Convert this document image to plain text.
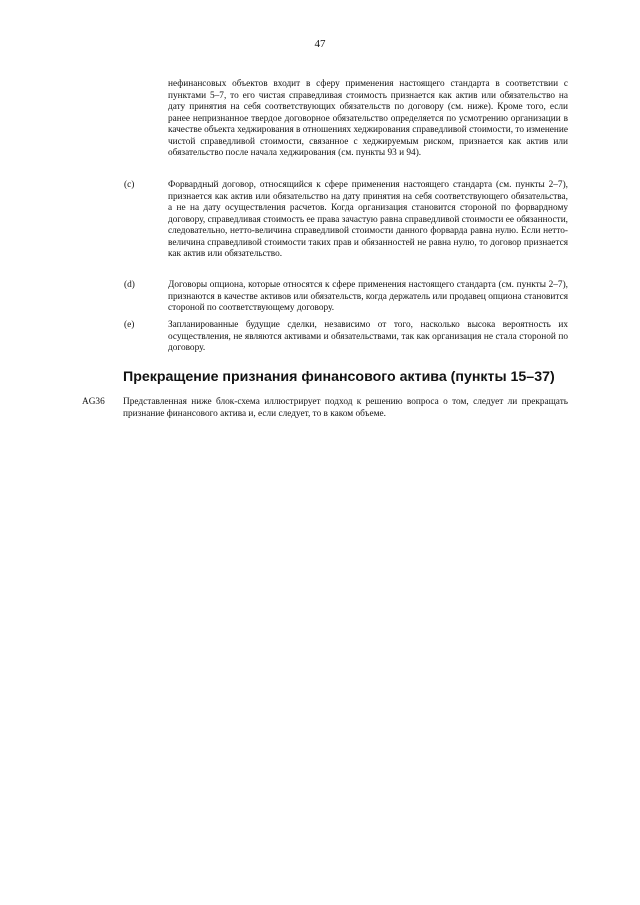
47

нефинансовых объектов входит в сферу применения настоящего стандарта в соответствии с пунктами 5–7, то его чистая справедливая стоимость признается как актив или обязательство на дату принятия на себя соответствующих обязательств по договору (см. ниже). Кроме того, если ранее непризнанное твердое договорное обязательство определяется по усмотрению организации в качестве объекта хеджирования в отношениях хеджирования справедливой стоимости, то изменение чистой справедливой стоимости, связанное с хеджируемым риском, признается как актив или обязательство после начала хеджирования (см. пункты 93 и 94).

(c)	Форвардный договор, относящийся к сфере применения настоящего стандарта (см. пункты 2–7), признается как актив или обязательство на дату принятия на себя соответствующего обязательства, а не на дату осуществления расчетов. Когда организация становится стороной по форвардному договору, справедливая стоимость ее права зачастую равна справедливой стоимости ее обязанности, следовательно, нетто-величина справедливой стоимости данного форварда равна нулю. Если нетто-величина справедливой стоимости таких прав и обязанностей не равна нулю, то договор признается как актив или обязательство.

(d)	Договоры опциона, которые относятся к сфере применения настоящего стандарта (см. пункты 2–7), признаются в качестве активов или обязательств, когда держатель или продавец опциона становится стороной по соответствующему договору.

(e)	Запланированные будущие сделки, независимо от того, насколько высока вероятность их осуществления, не являются активами и обязательствами, так как организация не стала стороной по договору.

Прекращение признания финансового актива (пункты 15–37)
AG36 Представленная ниже блок-схема иллюстрирует подход к решению вопроса о том, следует ли прекращать признание финансового актива и, если следует, то в каком объеме.
